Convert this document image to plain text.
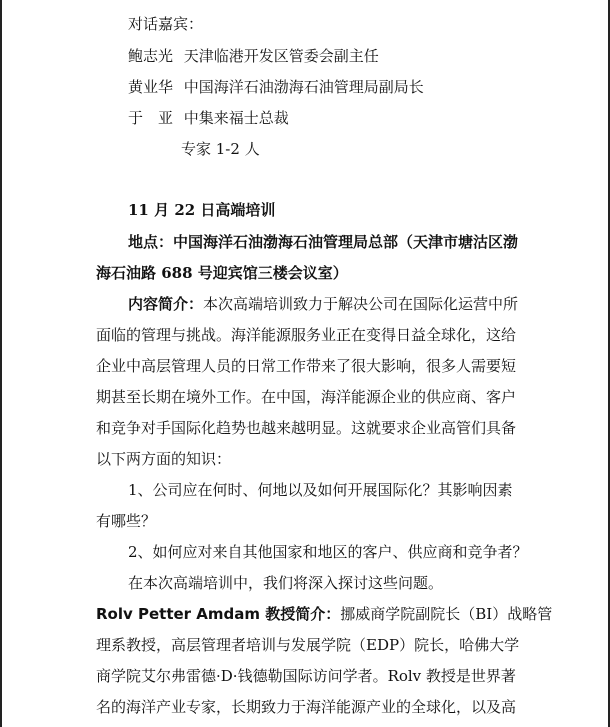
对话嘉宾：
鲍志光 天津临港开发区管委会副主任
黄业华 中国海洋石油渤海石油管理局副局长
于　亚 中集来福士总裁
专家 1-2 人
11 月 22 日高端培训
地点：中国海洋石油渤海石油管理局总部（天津市塘沽区渤
海石油路 688 号迎宾馆三楼会议室）
内容简介：本次高端培训致力于解决公司在国际化运营中所
面临的管理与挑战。海洋能源服务业正在变得日益全球化，这给
企业中高层管理人员的日常工作带来了很大影响，很多人需要短
期甚至长期在境外工作。在中国，海洋能源企业的供应商、客户
和竞争对手国际化趋势也越来越明显。这就要求企业高管们具备
以下两方面的知识：
1、公司应在何时、何地以及如何开展国际化？其影响因素
有哪些？
2、如何应对来自其他国家和地区的客户、供应商和竞争者？
在本次高端培训中，我们将深入探讨这些问题。
Rolv Petter Amdam 教授简介：挪威商学院副院长（BI）战略管
理系教授，高层管理者培训与发展学院（EDP）院长，哈佛大学
商学院艾尔弗雷德·D·钱德勒国际访问学者。Rolv 教授是世界著
名的海洋产业专家，长期致力于海洋能源产业的全球化，以及高
